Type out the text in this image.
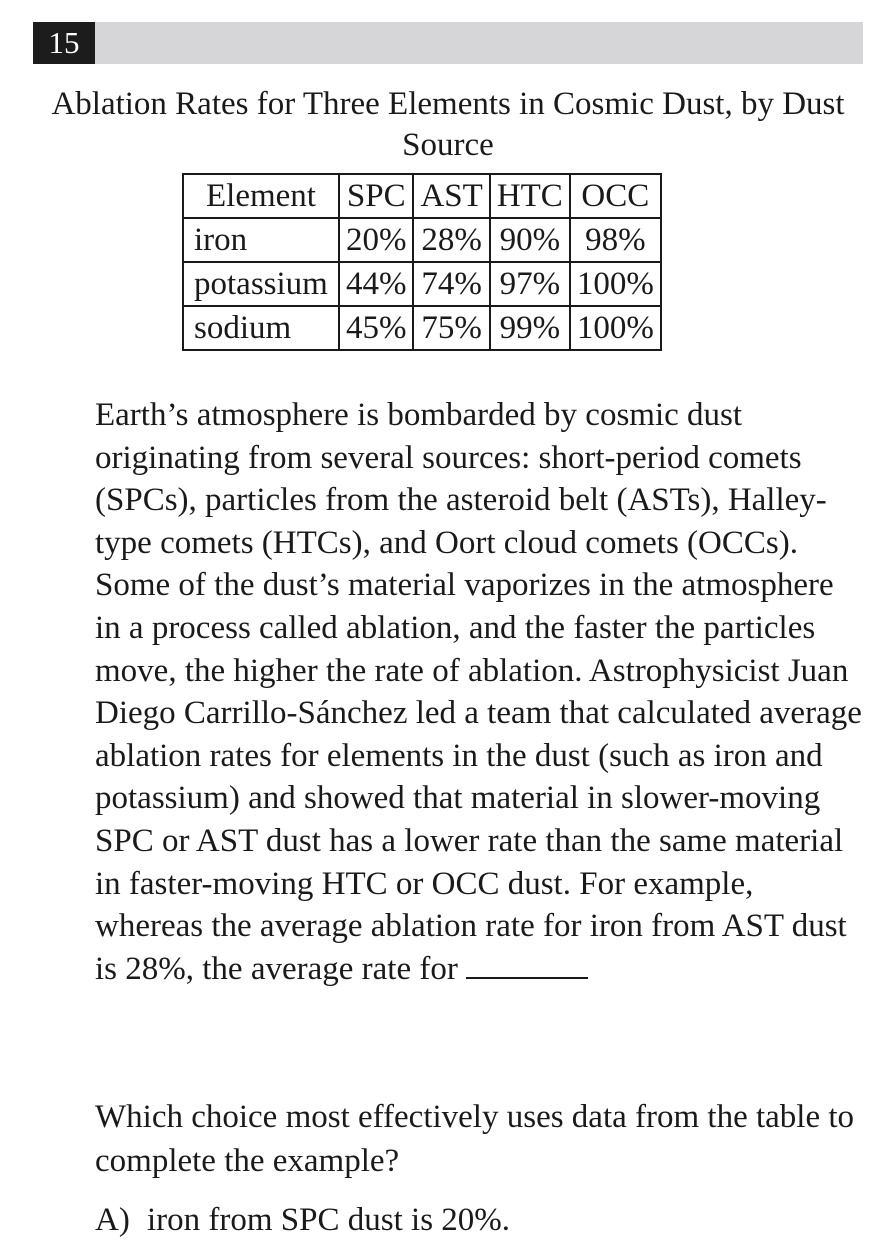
15
Ablation Rates for Three Elements in Cosmic Dust, by Dust Source
Element	SPC	AST	HTC	OCC
iron	20%	28%	90%	98%
potassium	44%	74%	97%	100%
sodium	45%	75%	99%	100%

Earth’s atmosphere is bombarded by cosmic dust originating from several sources: short-period comets (SPCs), particles from the asteroid belt (ASTs), Halley-type comets (HTCs), and Oort cloud comets (OCCs). Some of the dust’s material vaporizes in the atmosphere in a process called ablation, and the faster the particles move, the higher the rate of ablation. Astrophysicist Juan Diego Carrillo-Sánchez led a team that calculated average ablation rates for elements in the dust (such as iron and potassium) and showed that material in slower-moving SPC or AST dust has a lower rate than the same material in faster-moving HTC or OCC dust. For example, whereas the average ablation rate for iron from AST dust is 28%, the average rate for

Which choice most effectively uses data from the table to complete the example?
A) iron from SPC dust is 20%.
